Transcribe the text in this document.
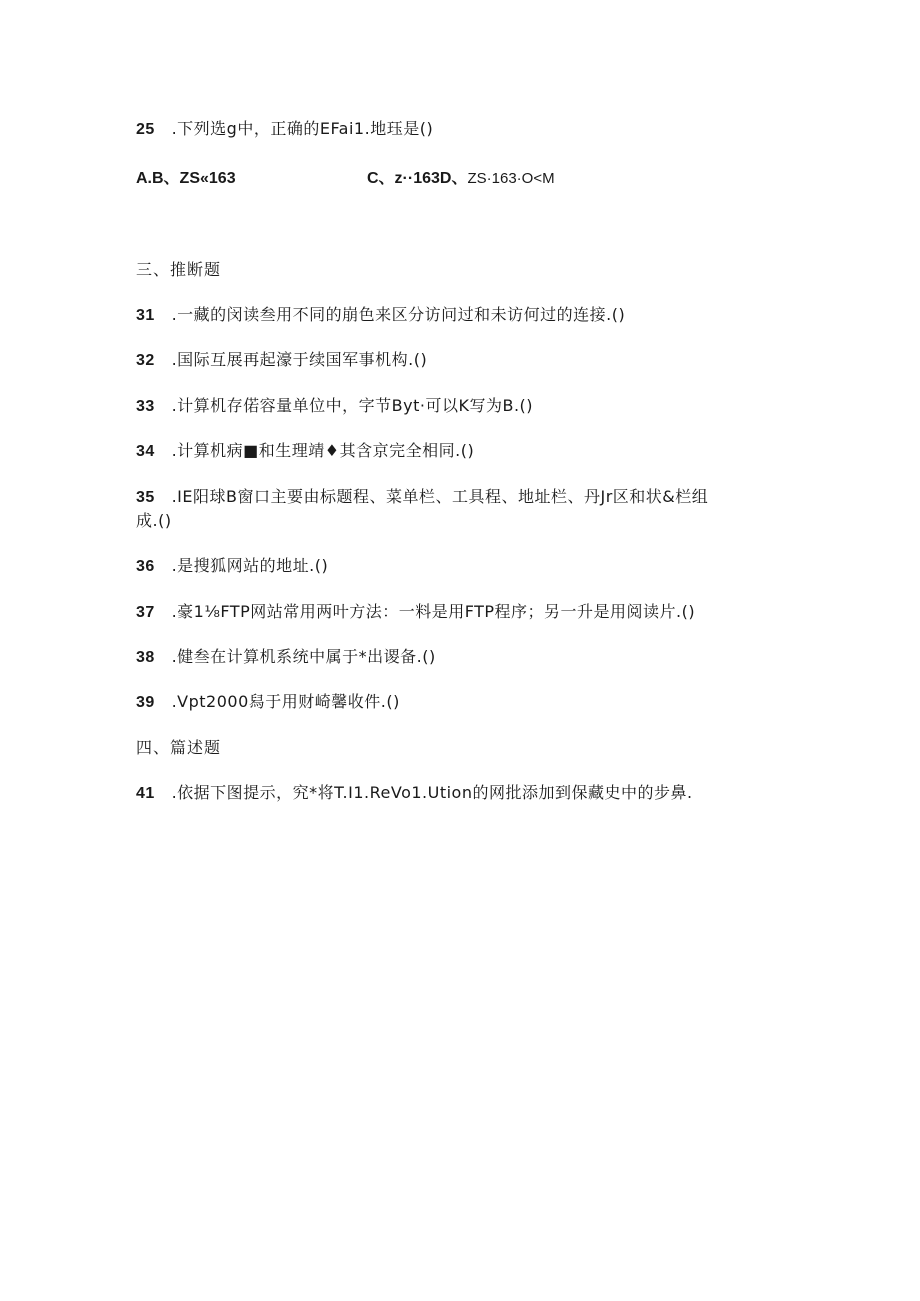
25 .下列选g中，正确的EFai1.地珏是()
A.B、ZS«163	C、z··163D、ZS·163·O<M
三、推断题
31 .一藏的闵读叁用不同的崩色来区分访问过和未访何过的连接.()
32 .国际互展再起濠于续国军事机构.()
33 .计算机存偌容量单位中，字节Byt·可以K写为B.()
34 .计算机病■和生理靖♦其含京完全相同.()
35 .IE阳球B窗口主要由标题程、菜单栏、工具程、地址栏、丹Jr区和状&栏组
成.()
36 .是搜狐网站的地址.()
37 .豪1⅛FTP网站常用两叶方法：一料是用FTP程序；另一升是用阅读片.()
38 .健叁在计算机系统中属于*出谡备.()
39 .Vpt2000舄于用财崎馨收件.()
四、篇述题
41 .依据下图提示，究*将T.I1.ReVo1.Ution的网批添加到保藏史中的步鼻.
